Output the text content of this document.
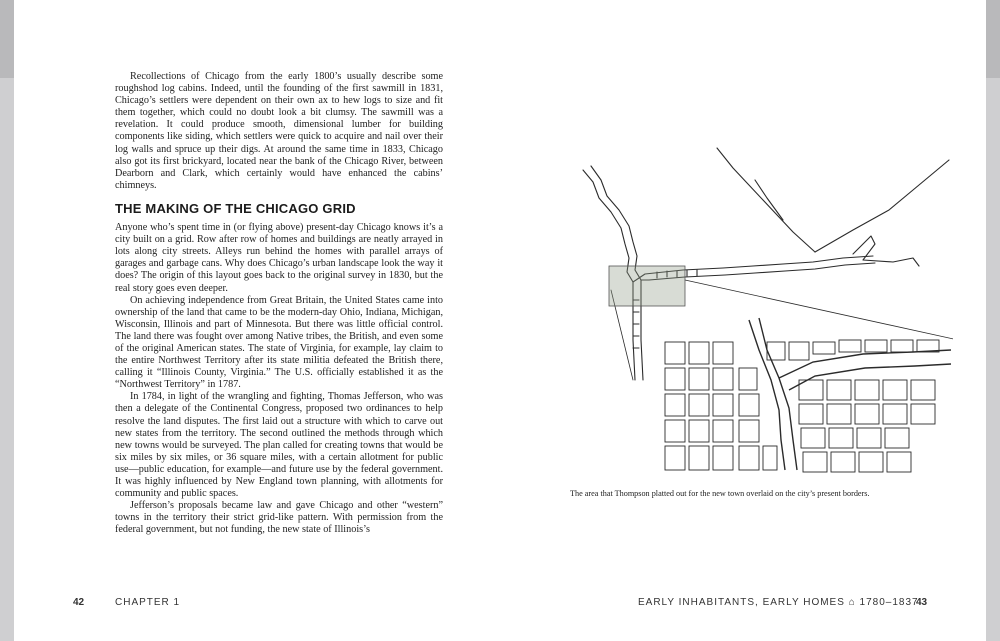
Recollections of Chicago from the early 1800’s usually describe some roughshod log cabins. Indeed, until the founding of the first sawmill in 1831, Chicago’s settlers were dependent on their own ax to hew logs to size and fit them together, which could no doubt look a bit clumsy. The sawmill was a revelation. It could produce smooth, dimensional lumber for building components like siding, which settlers were quick to acquire and nail over their log walls and spruce up their digs. At around the same time in 1833, Chicago also got its first brickyard, located near the bank of the Chicago River, between Dearborn and Clark, which certainly would have enhanced the cabins’ chimneys.

THE MAKING OF THE CHICAGO GRID

Anyone who’s spent time in (or flying above) present-day Chicago knows it’s a city built on a grid. Row after row of homes and buildings are neatly arrayed in lots along city streets. Alleys run behind the homes with parallel arrays of garages and garbage cans. Why does Chicago’s urban landscape look the way it does? The origin of this layout goes back to the original survey in 1830, but the real story goes even deeper.

On achieving independence from Great Britain, the United States came into ownership of the land that came to be the modern-day Ohio, Indiana, Michigan, Wisconsin, Illinois and part of Minnesota. But there was little official control. The land there was fought over among Native tribes, the British, and even some of the original American states. The state of Virginia, for example, lay claim to the entire Northwest Territory after its state militia defeated the British there, calling it “Illinois County, Virginia.” The U.S. officially established it as the “Northwest Territory” in 1787.

In 1784, in light of the wrangling and fighting, Thomas Jefferson, who was then a delegate of the Continental Congress, proposed two ordinances to help resolve the land disputes. The first laid out a structure with which to carve out new states from the territory. The second outlined the methods through which new towns would be surveyed. The plan called for creating towns that would be six miles by six miles, or 36 square miles, with a certain allotment for public use—public education, for example—and future use by the federal government. It was highly influenced by New England town planning, with allotments for community and public spaces.

Jefferson’s proposals became law and gave Chicago and other “western” towns in the territory their strict grid-like pattern. With permission from the federal government, but not funding, the new state of Illinois’s

42	CHAPTER 1
The area that Thompson platted out for the new town overlaid on the city’s present borders.
EARLY INHABITANTS, EARLY HOMES ⌂ 1780–1837
43
